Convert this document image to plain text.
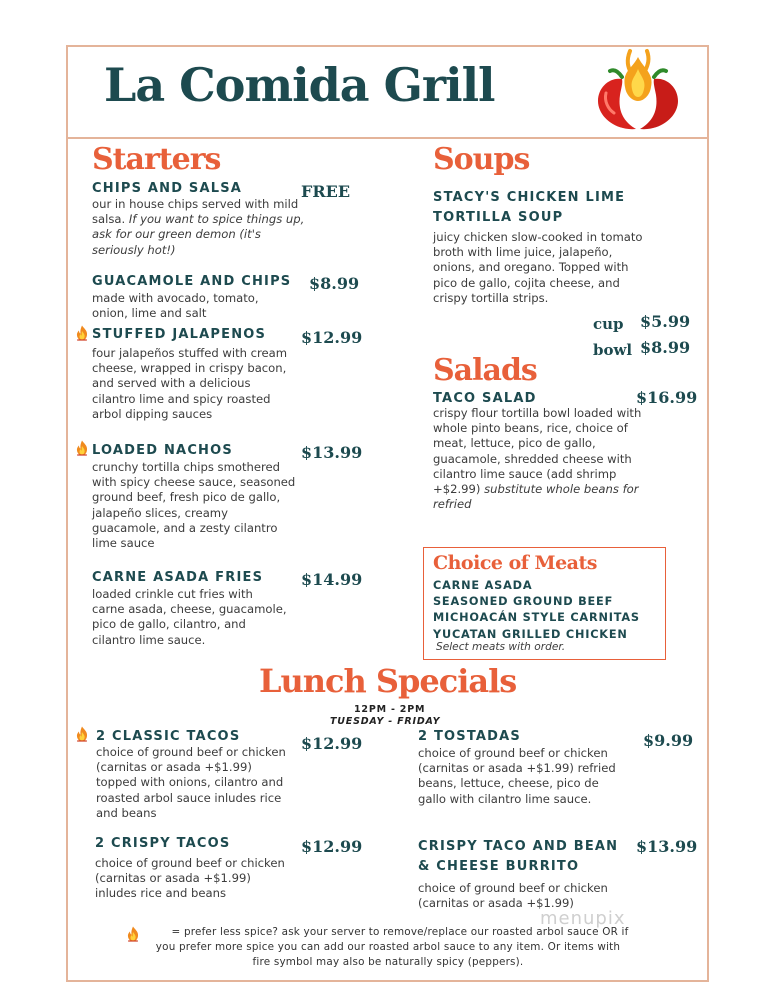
La Comida Grill
Starters
CHIPS AND SALSA	FREE
our in house chips served with mild salsa. If you want to spice things up, ask for our green demon (it's seriously hot!)
GUACAMOLE AND CHIPS $8.99
made with avocado, tomato, onion, lime and salt
STUFFED JALAPENOS $12.99
four jalapeños stuffed with cream cheese, wrapped in crispy bacon, and served with a delicious cilantro lime and spicy roasted arbol dipping sauces
LOADED NACHOS	$13.99
crunchy tortilla chips smothered with spicy cheese sauce, seasoned ground beef, fresh pico de gallo, jalapeño slices, creamy guacamole, and a zesty cilantro lime sauce
CARNE ASADA FRIES $14.99
loaded crinkle cut fries with carne asada, cheese, guacamole, pico de gallo, cilantro, and cilantro lime sauce.
Soups
STACY'S CHICKEN LIME
TORTILLA SOUP
juicy chicken slow-cooked in tomato broth with lime juice, jalapeño, onions, and oregano. Topped with pico de gallo, cojita cheese, and crispy tortilla strips.
cup $5.99
bowl $8.99
Salads
TACO SALAD	$16.99
crispy flour tortilla bowl loaded with whole pinto beans, rice, choice of meat, lettuce, pico de gallo, guacamole, shredded cheese with cilantro lime sauce (add shrimp +$2.99) substitute whole beans for refried
Choice of Meats
CARNE ASADA
SEASONED GROUND BEEF
MICHOACÁN STYLE CARNITAS
YUCATAN GRILLED CHICKEN
Select meats with order.
Lunch Specials
12PM - 2PM
TUESDAY - FRIDAY
2 CLASSIC TACOS	$12.99
choice of ground beef or chicken (carnitas or asada +$1.99) topped with onions, cilantro and roasted arbol sauce inludes rice and beans
2 TOSTADAS	$9.99
choice of ground beef or chicken (carnitas or asada +$1.99) refried beans, lettuce, cheese, pico de gallo with cilantro lime sauce.
2 CRISPY TACOS	$12.99
choice of ground beef or chicken (carnitas or asada +$1.99) inludes rice and beans
CRISPY TACO AND BEAN
& CHEESE BURRITO
$13.99
choice of ground beef or chicken (carnitas or asada +$1.99)
menupix
= prefer less spice? ask your server to remove/replace our roasted arbol sauce OR if
you prefer more spice you can add our roasted arbol sauce to any item. Or items with
fire symbol may also be naturally spicy (peppers).
